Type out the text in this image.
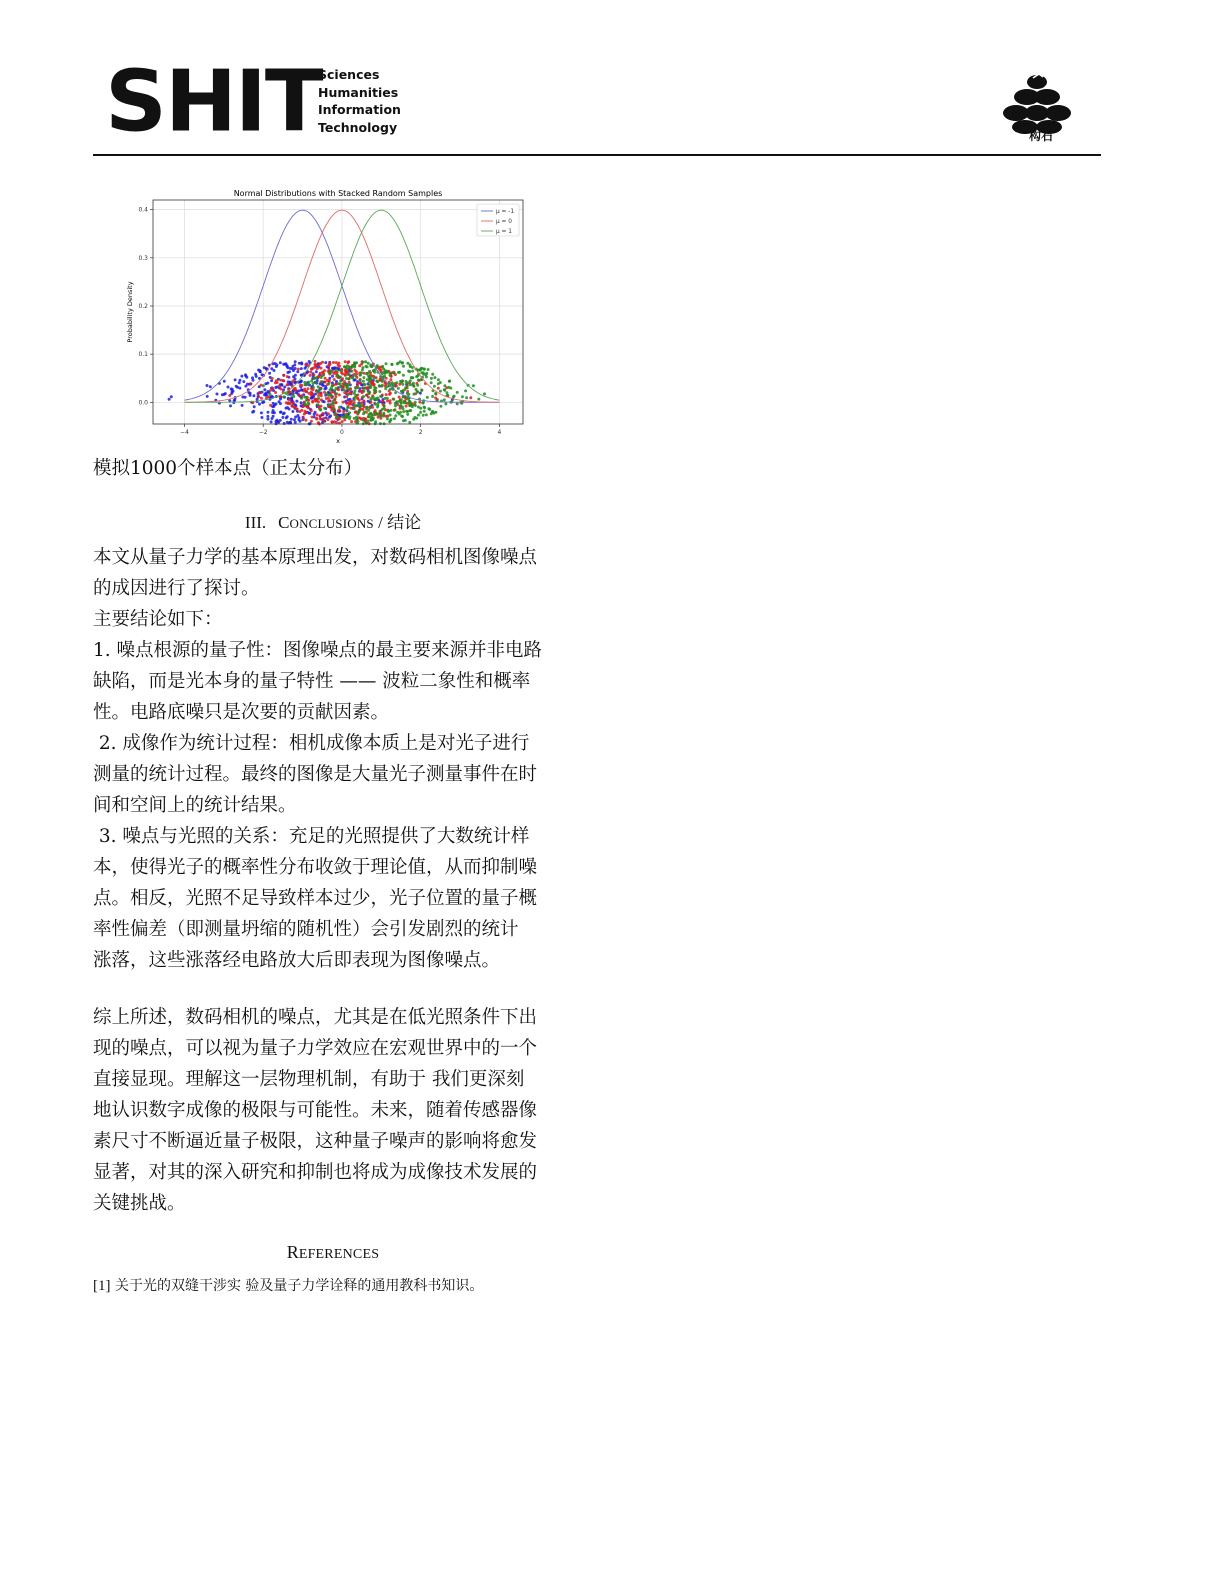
SHIT
Sciences
Humanities
Information
Technology
构石
−4	−2	0	2	4
0.0
0.1
0.2
0.3
0.4
Normal Distributions with Stacked Random Samples
x
Probability Density
μ = -1
μ = 0
μ = 1
模拟1000个样本点（正太分布）
III. CONCLUSIONS / 结论
本文从量子力学的基本原理出发，对数码相机图像噪点
的成因进行了探讨。
主要结论如下：
1. 噪点根源的量子性：图像噪点的最主要来源并非电路
缺陷，而是光本身的量子特性 —— 波粒二象性和概率
性。电路底噪只是次要的贡献因素。
2. 成像作为统计过程：相机成像本质上是对光子进行
测量的统计过程。最终的图像是大量光子测量事件在时
间和空间上的统计结果。
3. 噪点与光照的关系：充足的光照提供了大数统计样
本，使得光子的概率性分布收敛于理论值，从而抑制噪
点。相反，光照不足导致样本过少，光子位置的量子概
率性偏差（即测量坍缩的随机性）会引发剧烈的统计
涨落，这些涨落经电路放大后即表现为图像噪点。
综上所述，数码相机的噪点，尤其是在低光照条件下出
现的噪点，可以视为量子力学效应在宏观世界中的一个
直接显现。理解这一层物理机制，有助于 我们更深刻
地认识数字成像的极限与可能性。未来，随着传感器像
素尺寸不断逼近量子极限，这种量子噪声的影响将愈发
显著，对其的深入研究和抑制也将成为成像技术发展的
关键挑战。
REFERENCES
[1] 关于光的双缝干涉实 验及量子力学诠释的通用教科书知识。
